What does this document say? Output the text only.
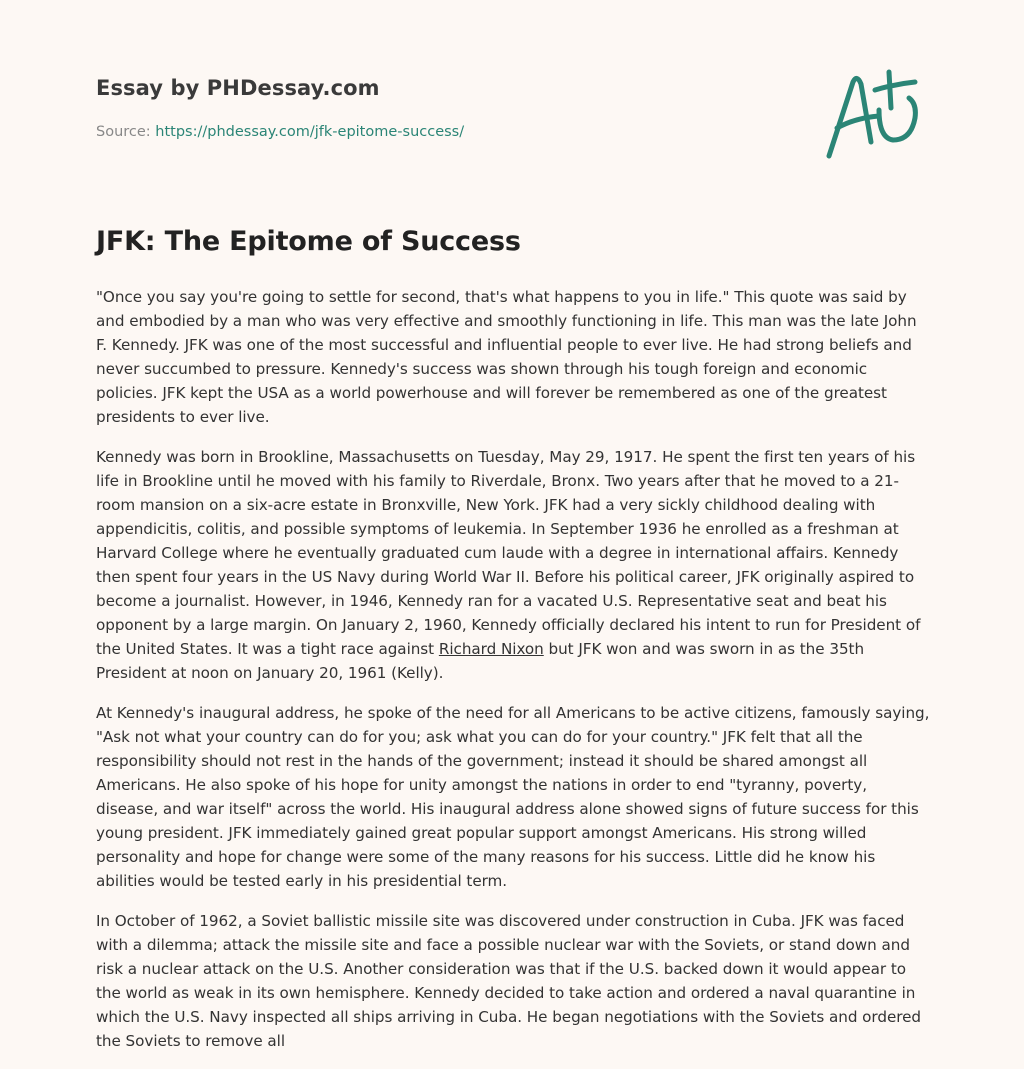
Essay by PHDessay.com
Source: https://phdessay.com/jfk-epitome-success/
JFK: The Epitome of Success

"Once you say you're going to settle for second, that's what happens to you in life." This quote was said by and embodied by a man who was very effective and smoothly functioning in life. This man was the late John F. Kennedy. JFK was one of the most successful and influential people to ever live. He had strong beliefs and never succumbed to pressure. Kennedy's success was shown through his tough foreign and economic policies. JFK kept the USA as a world powerhouse and will forever be remembered as one of the greatest presidents to ever live.

Kennedy was born in Brookline, Massachusetts on Tuesday, May 29, 1917. He spent the first ten years of his life in Brookline until he moved with his family to Riverdale, Bronx. Two years after that he moved to a 21-room mansion on a six-acre estate in Bronxville, New York. JFK had a very sickly childhood dealing with appendicitis, colitis, and possible symptoms of leukemia. In September 1936 he enrolled as a freshman at Harvard College where he eventually graduated cum laude with a degree in international affairs. Kennedy then spent four years in the US Navy during World War II. Before his political career, JFK originally aspired to become a journalist. However, in 1946, Kennedy ran for a vacated U.S. Representative seat and beat his opponent by a large margin. On January 2, 1960, Kennedy officially declared his intent to run for President of the United States. It was a tight race against Richard Nixon but JFK won and was sworn in as the 35th President at noon on January 20, 1961 (Kelly).

At Kennedy's inaugural address, he spoke of the need for all Americans to be active citizens, famously saying, "Ask not what your country can do for you; ask what you can do for your country." JFK felt that all the responsibility should not rest in the hands of the government; instead it should be shared amongst all Americans. He also spoke of his hope for unity amongst the nations in order to end "tyranny, poverty, disease, and war itself" across the world. His inaugural address alone showed signs of future success for this young president. JFK immediately gained great popular support amongst Americans. His strong willed personality and hope for change were some of the many reasons for his success. Little did he know his abilities would be tested early in his presidential term.

In October of 1962, a Soviet ballistic missile site was discovered under construction in Cuba. JFK was faced with a dilemma; attack the missile site and face a possible nuclear war with the Soviets, or stand down and risk a nuclear attack on the U.S. Another consideration was that if the U.S. backed down it would appear to the world as weak in its own hemisphere. Kennedy decided to take action and ordered a naval quarantine in which the U.S. Navy inspected all ships arriving in Cuba. He began negotiations with the Soviets and ordered the Soviets to remove all
